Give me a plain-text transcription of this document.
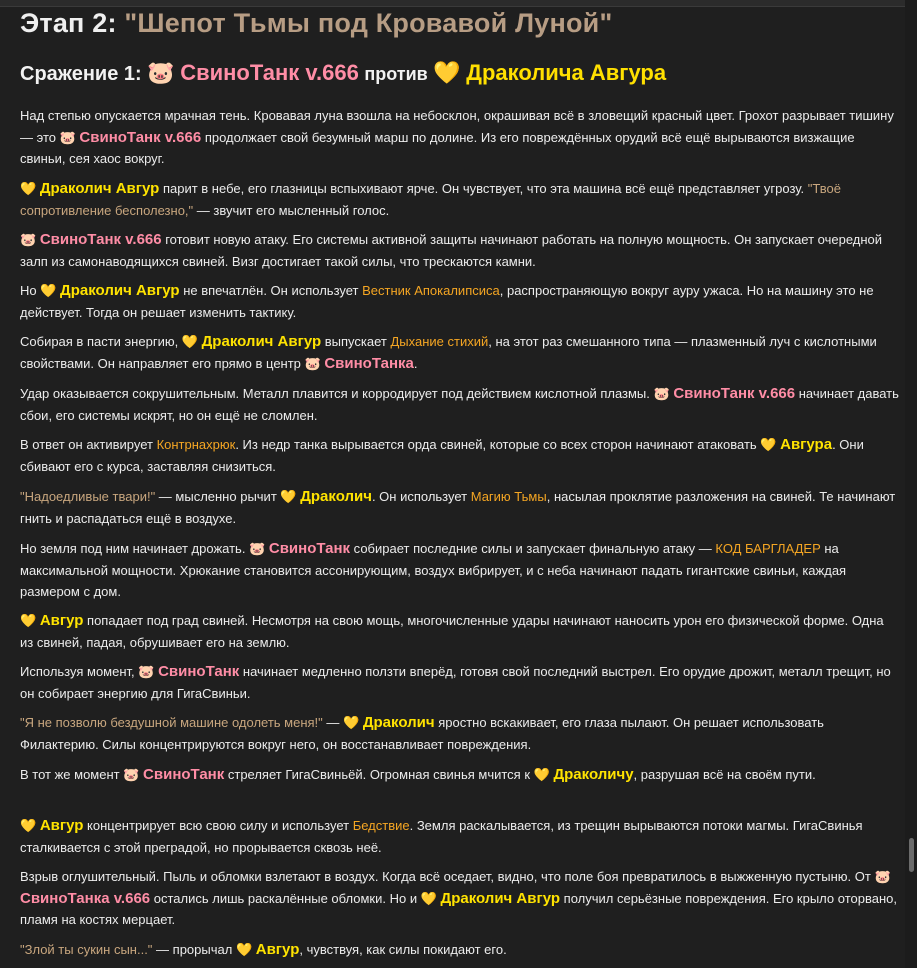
Этап 2: "Шепот Тьмы под Кровавой Луной"
Сражение 1: 🐷 СвиноТанк v.666 против 💛 Драколича Авгура

Над степью опускается мрачная тень. Кровавая луна взошла на небосклон, окрашивая всё в зловещий красный цвет. Грохот разрывает тишину — это 🐷 СвиноТанк v.666 продолжает свой безумный марш по долине. Из его повреждённых орудий всё ещё вырываются визжащие свиньи, сея хаос вокруг.

💛 Драколич Авгур парит в небе, его глазницы вспыхивают ярче. Он чувствует, что эта машина всё ещё представляет угрозу. "Твоё сопротивление бесполезно," — звучит его мысленный голос.

🐷 СвиноТанк v.666 готовит новую атаку. Его системы активной защиты начинают работать на полную мощность. Он запускает очередной залп из самонаводящихся свиней. Визг достигает такой силы, что трескаются камни.

Но 💛 Драколич Авгур не впечатлён. Он использует Вестник Апокалипсиса, распространяющую вокруг ауру ужаса. Но на машину это не действует. Тогда он решает изменить тактику.

Собирая в пасти энергию, 💛 Драколич Авгур выпускает Дыхание стихий, на этот раз смешанного типа — плазменный луч с кислотными свойствами. Он направляет его прямо в центр 🐷 СвиноТанка.

Удар оказывается сокрушительным. Металл плавится и корродирует под действием кислотной плазмы. 🐷 СвиноТанк v.666 начинает давать сбои, его системы искрят, но он ещё не сломлен.

В ответ он активирует Контрнахрюк. Из недр танка вырывается орда свиней, которые со всех сторон начинают атаковать 💛 Авгура. Они сбивают его с курса, заставляя снизиться.

"Надоедливые твари!" — мысленно рычит 💛 Драколич. Он использует Магию Тьмы, насылая проклятие разложения на свиней. Те начинают гнить и распадаться ещё в воздухе.

Но земля под ним начинает дрожать. 🐷 СвиноТанк собирает последние силы и запускает финальную атаку — КОД БАРГЛАДЕР на максимальной мощности. Хрюкание становится ассонирующим, воздух вибрирует, и с неба начинают падать гигантские свиньи, каждая размером с дом.

💛 Авгур попадает под град свиней. Несмотря на свою мощь, многочисленные удары начинают наносить урон его физической форме. Одна из свиней, падая, обрушивает его на землю.

Используя момент, 🐷 СвиноТанк начинает медленно ползти вперёд, готовя свой последний выстрел. Его орудие дрожит, металл трещит, но он собирает энергию для ГигаСвиньи.

"Я не позволю бездушной машине одолеть меня!" — 💛 Драколич яростно вскакивает, его глаза пылают. Он решает использовать Филактерию. Силы концентрируются вокруг него, он восстанавливает повреждения.

В тот же момент 🐷 СвиноТанк стреляет ГигаСвиньёй. Огромная свинья мчится к 💛 Драколичу, разрушая всё на своём пути.

💛 Авгур концентрирует всю свою силу и использует Бедствие. Земля раскалывается, из трещин вырываются потоки магмы. ГигаСвинья сталкивается с этой преградой, но прорывается сквозь неё.

Взрыв оглушительный. Пыль и обломки взлетают в воздух. Когда всё оседает, видно, что поле боя превратилось в выжженную пустыню. От 🐷 СвиноТанка v.666 остались лишь раскалённые обломки. Но и 💛 Драколич Авгур получил серьёзные повреждения. Его крыло оторвано, пламя на костях мерцает.

"Злой ты сукин сын..." — прорычал 💛 Авгур, чувствуя, как силы покидают его.
